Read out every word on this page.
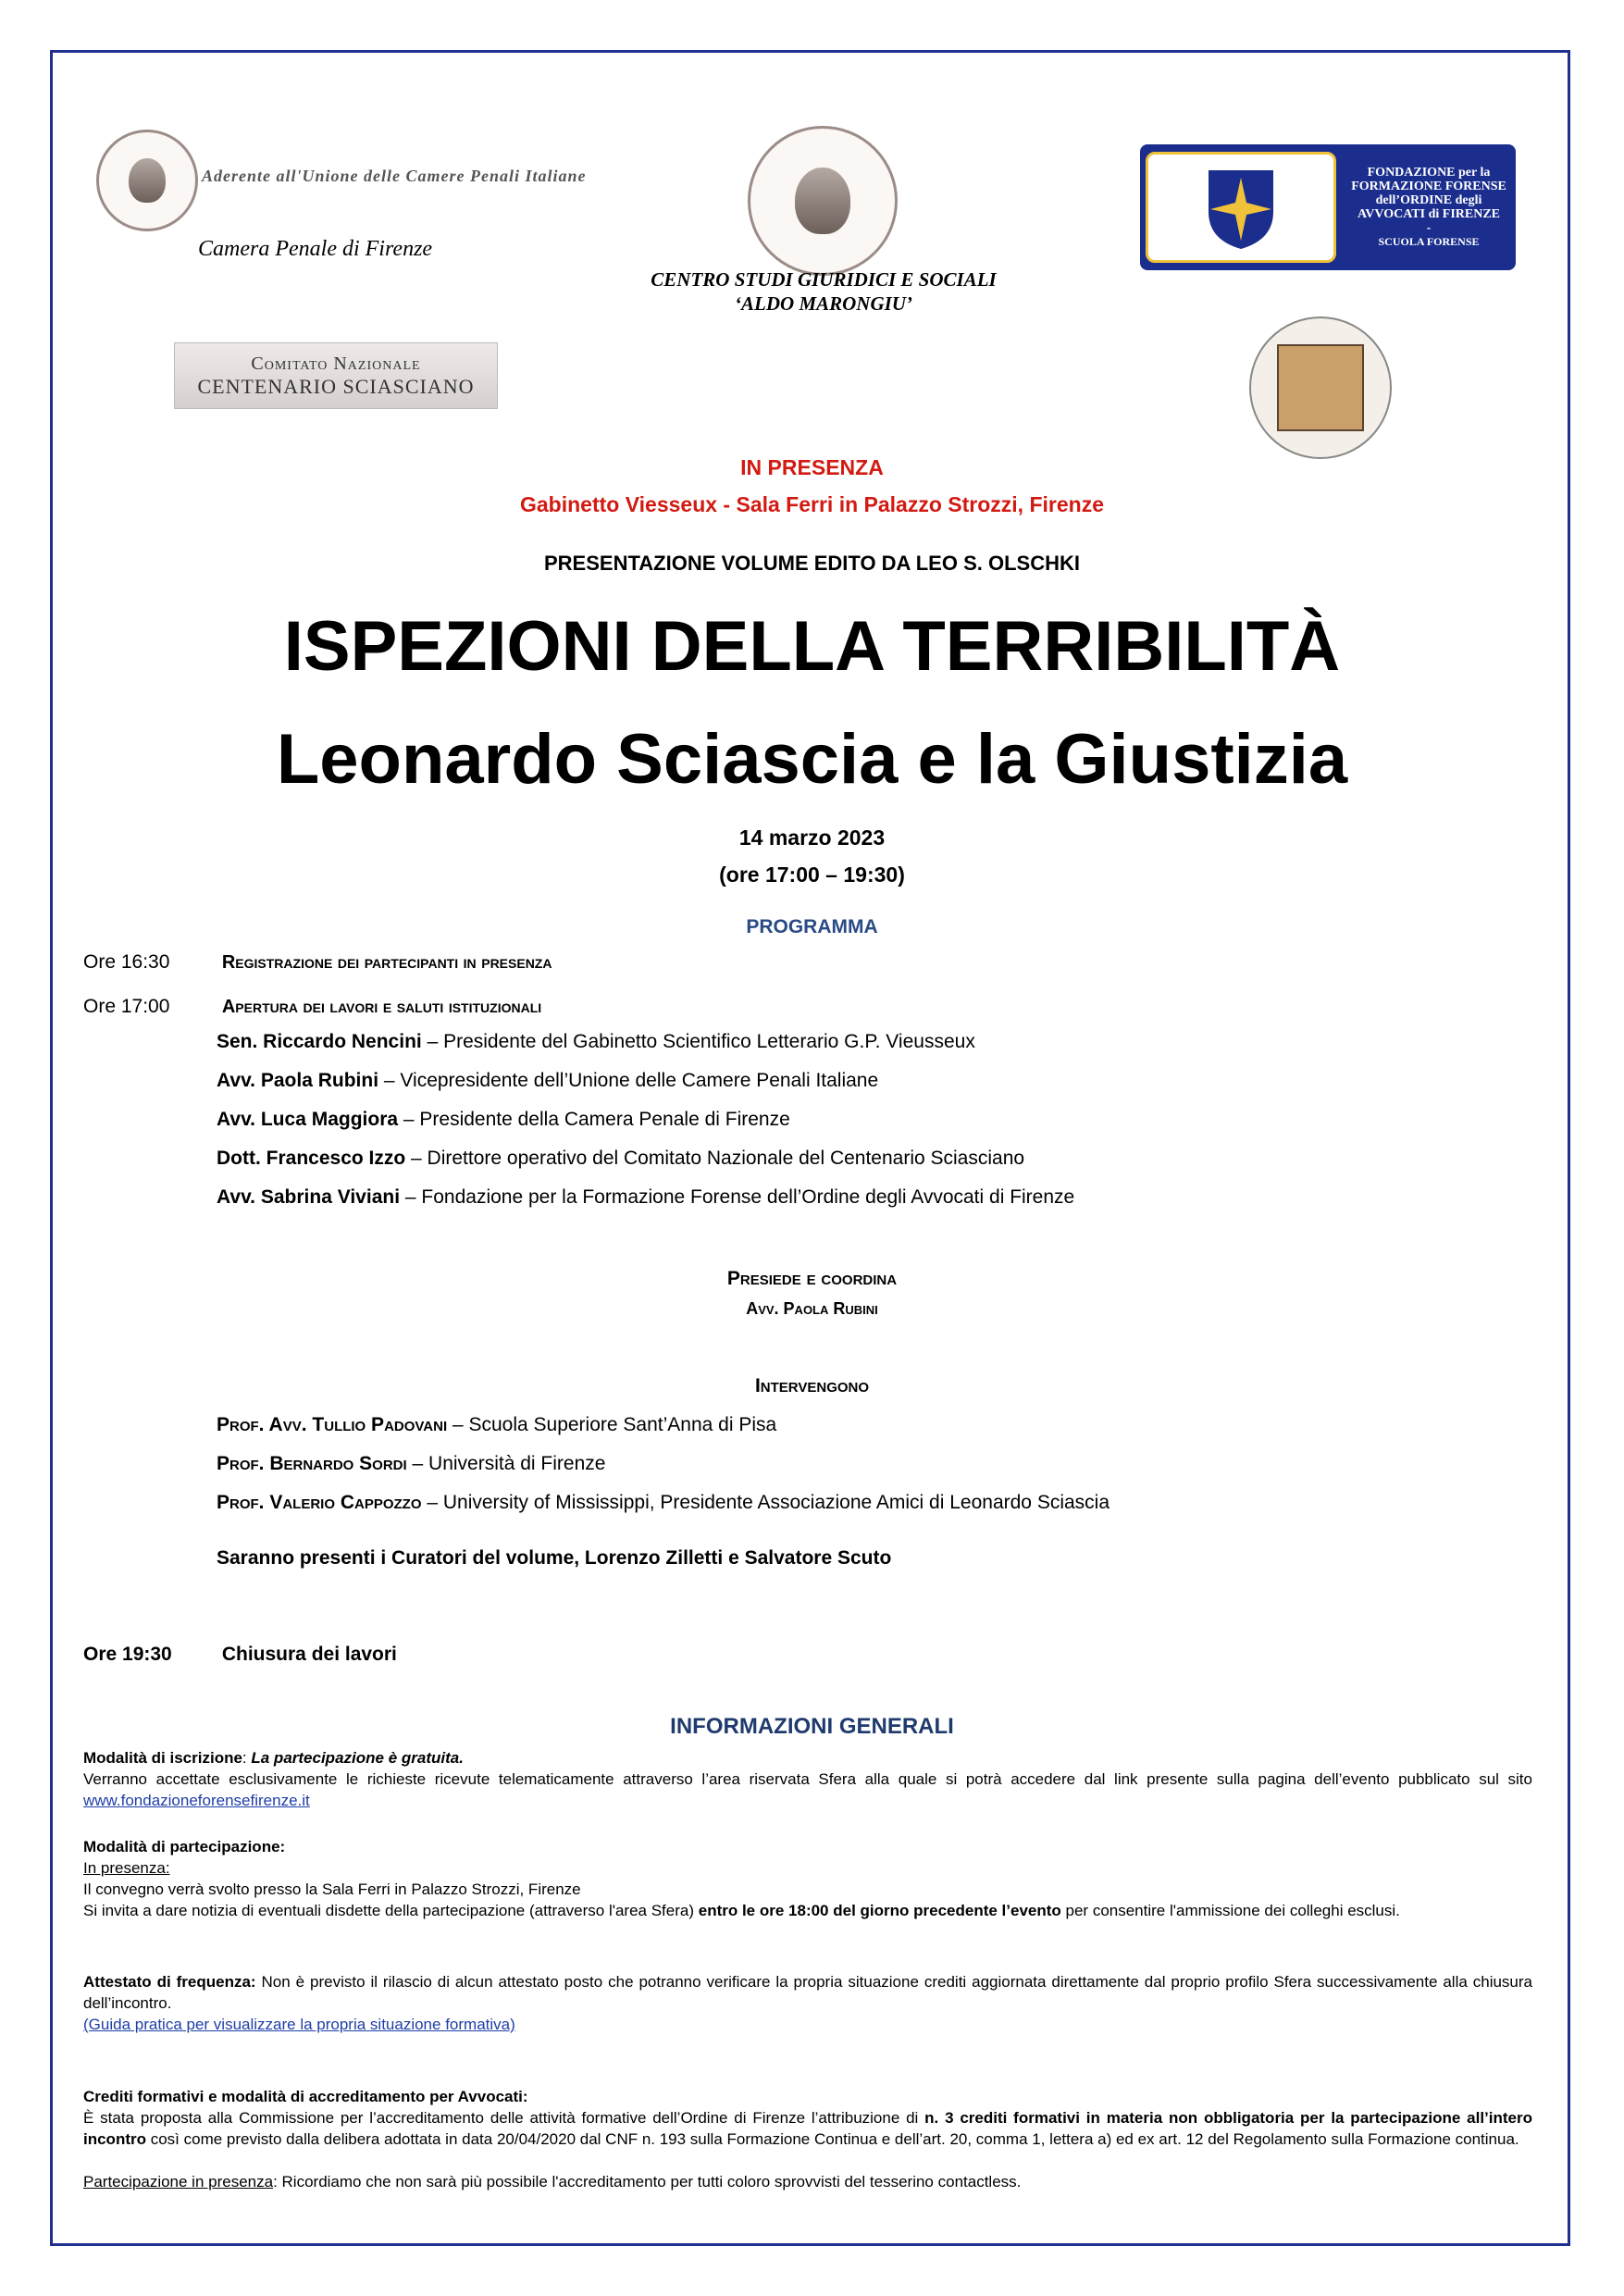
Aderente all'Unione delle Camere Penali Italiane
Camera Penale di Firenze
CENTRO STUDI GIURIDICI E SOCIALI
‘ALDO MARONGIU’
FONDAZIONE per la
FORMAZIONE FORENSE
dell’ORDINE degli
AVVOCATI di FIRENZE
-
SCUOLA FORENSE
Comitato Nazionale
CENTENARIO SCIASCIANO
IN PRESENZA
Gabinetto Viesseux - Sala Ferri in Palazzo Strozzi, Firenze
PRESENTAZIONE VOLUME EDITO DA LEO S. OLSCHKI
ISPEZIONI DELLA TERRIBILITÀ
Leonardo Sciascia e la Giustizia
14 marzo 2023
(ore 17:00 – 19:30)
PROGRAMMA
Ore 16:30	Registrazione dei partecipanti in presenza
Ore 17:00	Apertura dei lavori e saluti istituzionali
Sen. Riccardo Nencini – Presidente del Gabinetto Scientifico Letterario G.P. Vieusseux
Avv. Paola Rubini – Vicepresidente dell’Unione delle Camere Penali Italiane
Avv. Luca Maggiora – Presidente della Camera Penale di Firenze
Dott. Francesco Izzo – Direttore operativo del Comitato Nazionale del Centenario Sciasciano
Avv. Sabrina Viviani – Fondazione per la Formazione Forense dell’Ordine degli Avvocati di Firenze
Presiede e coordina
Avv. Paola Rubini
Intervengono
Prof. Avv. Tullio Padovani – Scuola Superiore Sant’Anna di Pisa
Prof. Bernardo Sordi – Università di Firenze
Prof. Valerio Cappozzo – University of Mississippi, Presidente Associazione Amici di Leonardo Sciascia
Saranno presenti i Curatori del volume, Lorenzo Zilletti e Salvatore Scuto
Ore 19:30	Chiusura dei lavori
INFORMAZIONI GENERALI
Modalità di iscrizione: La partecipazione è gratuita.
Verranno accettate esclusivamente le richieste ricevute telematicamente attraverso l’area riservata Sfera alla quale si potrà accedere dal link presente sulla pagina dell’evento pubblicato sul sito www.fondazioneforensefirenze.it
Modalità di partecipazione:
In presenza:
Il convegno verrà svolto presso la Sala Ferri in Palazzo Strozzi, Firenze
Si invita a dare notizia di eventuali disdette della partecipazione (attraverso l'area Sfera) entro le ore 18:00 del giorno precedente l’evento per consentire l'ammissione dei colleghi esclusi.
Attestato di frequenza: Non è previsto il rilascio di alcun attestato posto che potranno verificare la propria situazione crediti aggiornata direttamente dal proprio profilo Sfera successivamente alla chiusura dell’incontro.
(Guida pratica per visualizzare la propria situazione formativa)
Crediti formativi e modalità di accreditamento per Avvocati:
È stata proposta alla Commissione per l’accreditamento delle attività formative dell’Ordine di Firenze l’attribuzione di n. 3 crediti formativi in materia non obbligatoria per la partecipazione all’intero incontro così come previsto dalla delibera adottata in data 20/04/2020 dal CNF n. 193 sulla Formazione Continua e dell’art. 20, comma 1, lettera a) ed ex art. 12 del Regolamento sulla Formazione continua.
Partecipazione in presenza: Ricordiamo che non sarà più possibile l'accreditamento per tutti coloro sprovvisti del tesserino contactless.
